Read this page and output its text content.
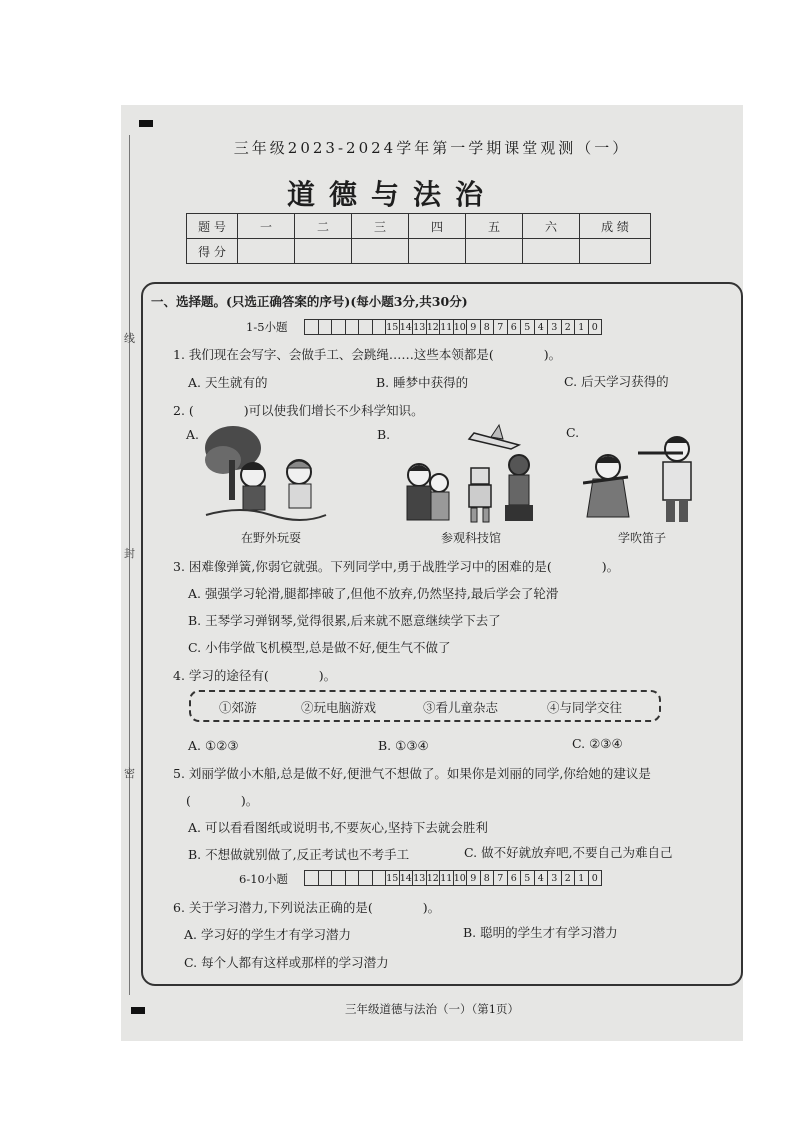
线
封
密
三年级2023-2024学年第一学期课堂观测（一）
道德与法治
题 号	一	二	三	四	五	六	成 绩
得 分							
一、选择题。(只选正确答案的序号)(每小题3分,共30分)
1-5小题
							15	14	13	12	11	10	9	8	7	6	5	4	3	2	1	0
1. 我们现在会写字、会做手工、会跳绳……这些本领都是(　　　　)。
A. 天生就有的	B. 睡梦中获得的	C. 后天学习获得的
2. (　　　　)可以使我们增长不少科学知识。
A.	B.	C.
在野外玩耍	参观科技馆	学吹笛子
3. 困难像弹簧,你弱它就强。下列同学中,勇于战胜学习中的困难的是(　　　　)。
A. 强强学习轮滑,腿都摔破了,但他不放弃,仍然坚持,最后学会了轮滑
B. 王琴学习弹钢琴,觉得很累,后来就不愿意继续学下去了
C. 小伟学做飞机模型,总是做不好,便生气不做了
4. 学习的途径有(　　　　)。
①郊游	②玩电脑游戏	③看儿童杂志	④与同学交往
A. ①②③	B. ①③④	C. ②③④
5. 刘丽学做小木船,总是做不好,便泄气不想做了。如果你是刘丽的同学,你给她的建议是
(　　　　)。
A. 可以看看图纸或说明书,不要灰心,坚持下去就会胜利
B. 不想做就别做了,反正考试也不考手工	C. 做不好就放弃吧,不要自己为难自己
6-10小题
							15	14	13	12	11	10	9	8	7	6	5	4	3	2	1	0
6. 关于学习潜力,下列说法正确的是(　　　　)。
A. 学习好的学生才有学习潜力	B. 聪明的学生才有学习潜力
C. 每个人都有这样或那样的学习潜力
三年级道德与法治（一）（第1页）
